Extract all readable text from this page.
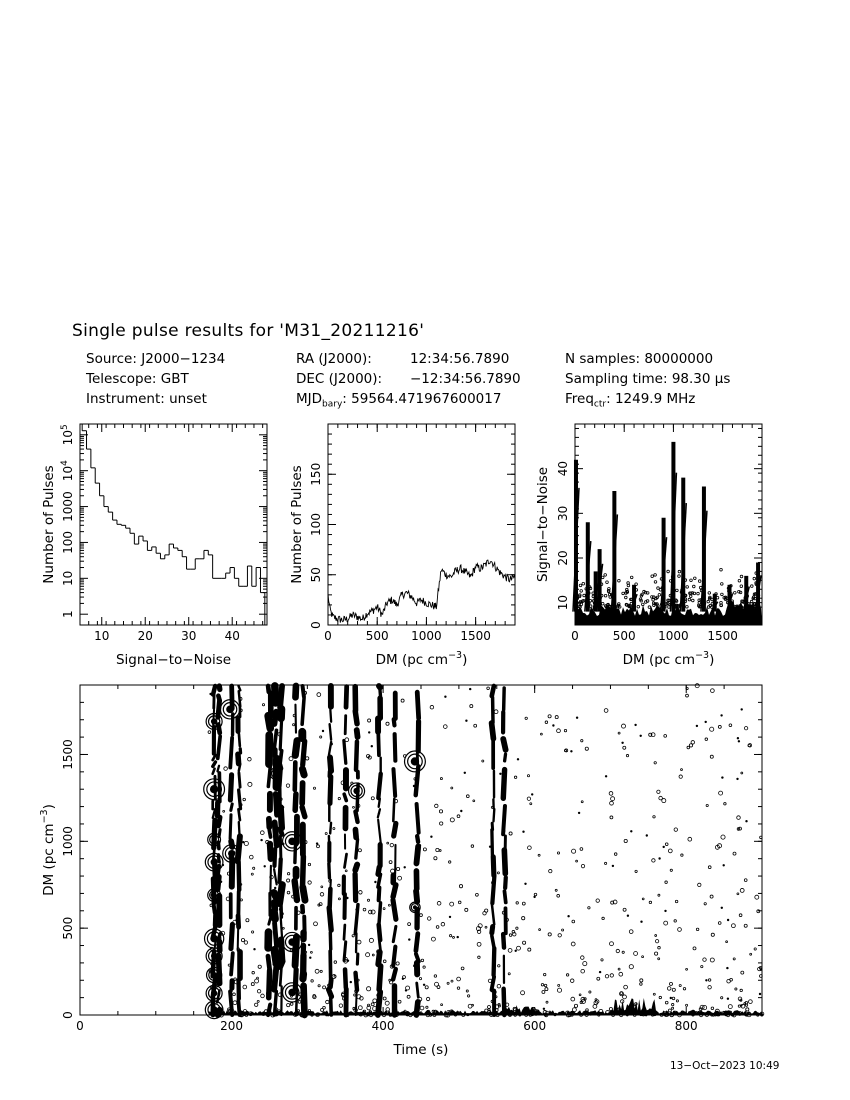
Single pulse results for 'M31_20211216'
Source: J2000−1234
Telescope: GBT
Instrument: unset
RA (J2000):	12:34:56.7890
DEC (J2000): −12:34:56.7890
$MJD_{bary}$: 59564.471967600017
N samples: 80000000
Sampling time: 98.30 μs
Freq$_{ctr}$: 1249.9 MHz
10 20 30 40
1
10
100
1000
$10^4$
$10^5$
Signal−to−Noise
Number of Pulses
0	500 1000 1500
0
50
100
150
DM (pc $cm^{-3}$)
Number of Pulses
0	500 1000 1500
10
20
30
40
DM (pc $cm^{-3}$)
Signal−to−Noise
0	200	400	600	800
0
500
1000
1500
Time (s)
DM (pc $cm^{-3}$)
13−Oct−2023 10:49
